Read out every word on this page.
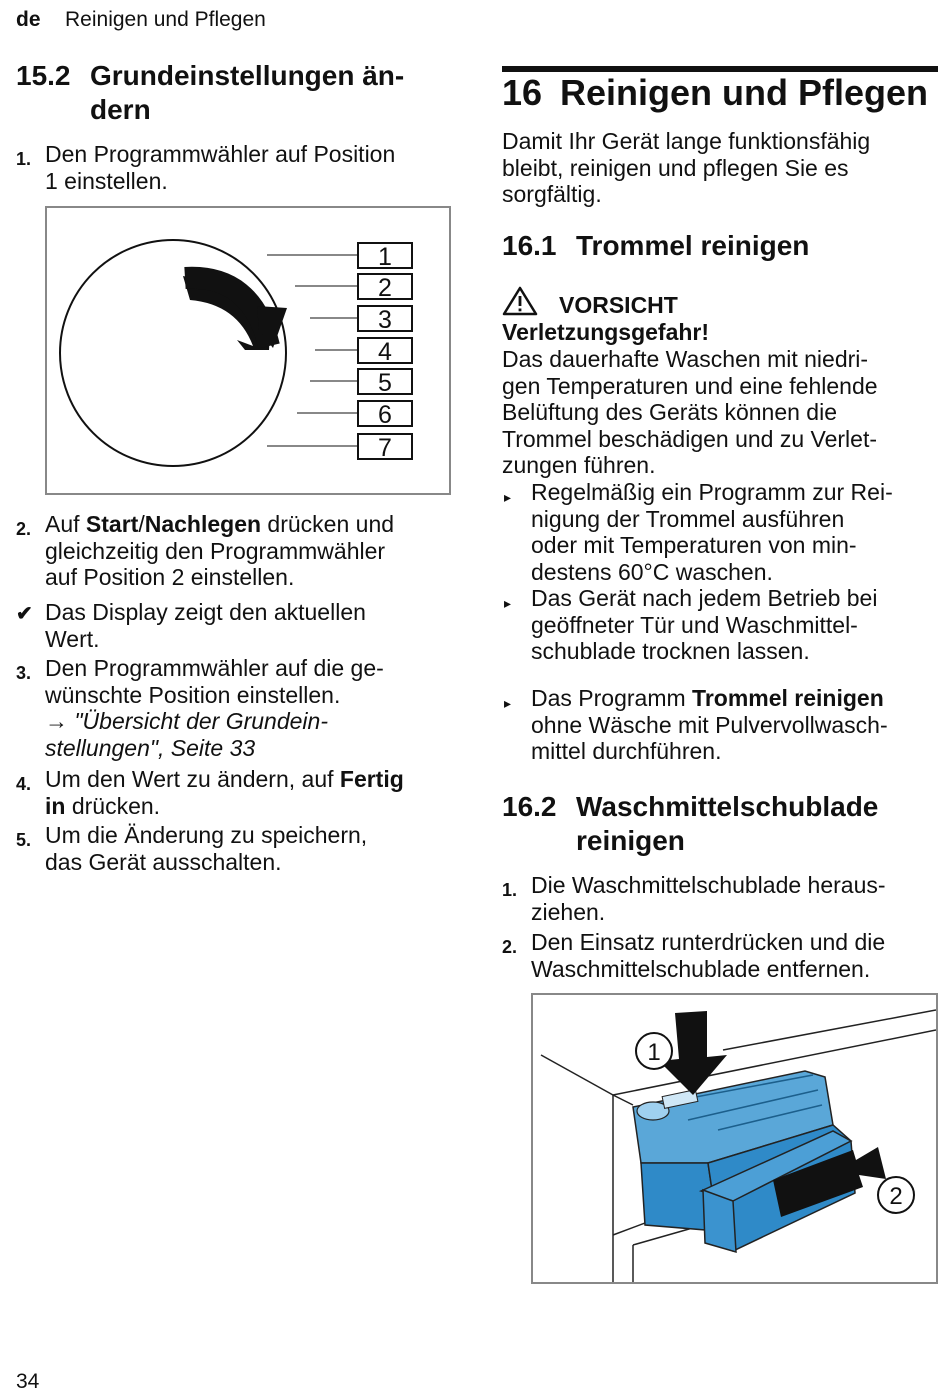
de Reinigen und Pflegen
15.2 Grundeinstellungen än-
dern
1. Den Programmwähler auf Position
1 einstellen.
1
2
3
4
5
6
7
2. Auf Start/Nachlegen drücken und
gleichzeitig den Programmwähler
auf Position 2 einstellen.
✔ Das Display zeigt den aktuellen
Wert.
3. Den Programmwähler auf die ge-
wünschte Position einstellen.
→ "Übersicht der Grundein-
stellungen", Seite 33
4. Um den Wert zu ändern, auf Fertig
in drücken.
5. Um die Änderung zu speichern,
das Gerät ausschalten.
16 Reinigen und Pflegen
Damit Ihr Gerät lange funktionsfähig
bleibt, reinigen und pflegen Sie es
sorgfältig.
16.1 Trommel reinigen
VORSICHT
Verletzungsgefahr!
Das dauerhafte Waschen mit niedri-
gen Temperaturen und eine fehlende
Belüftung des Geräts können die
Trommel beschädigen und zu Verlet-
zungen führen.
▸ Regelmäßig ein Programm zur Rei-
nigung der Trommel ausführen
oder mit Temperaturen von min-
destens 60°C waschen.
▸ Das Gerät nach jedem Betrieb bei
geöffneter Tür und Waschmittel-
schublade trocknen lassen.
▸ Das Programm Trommel reinigen
ohne Wäsche mit Pulvervollwasch-
mittel durchführen.
16.2 Waschmittelschublade
reinigen
1. Die Waschmittelschublade heraus-
ziehen.
2. Den Einsatz runterdrücken und die
Waschmittelschublade entfernen.
1
2
34
